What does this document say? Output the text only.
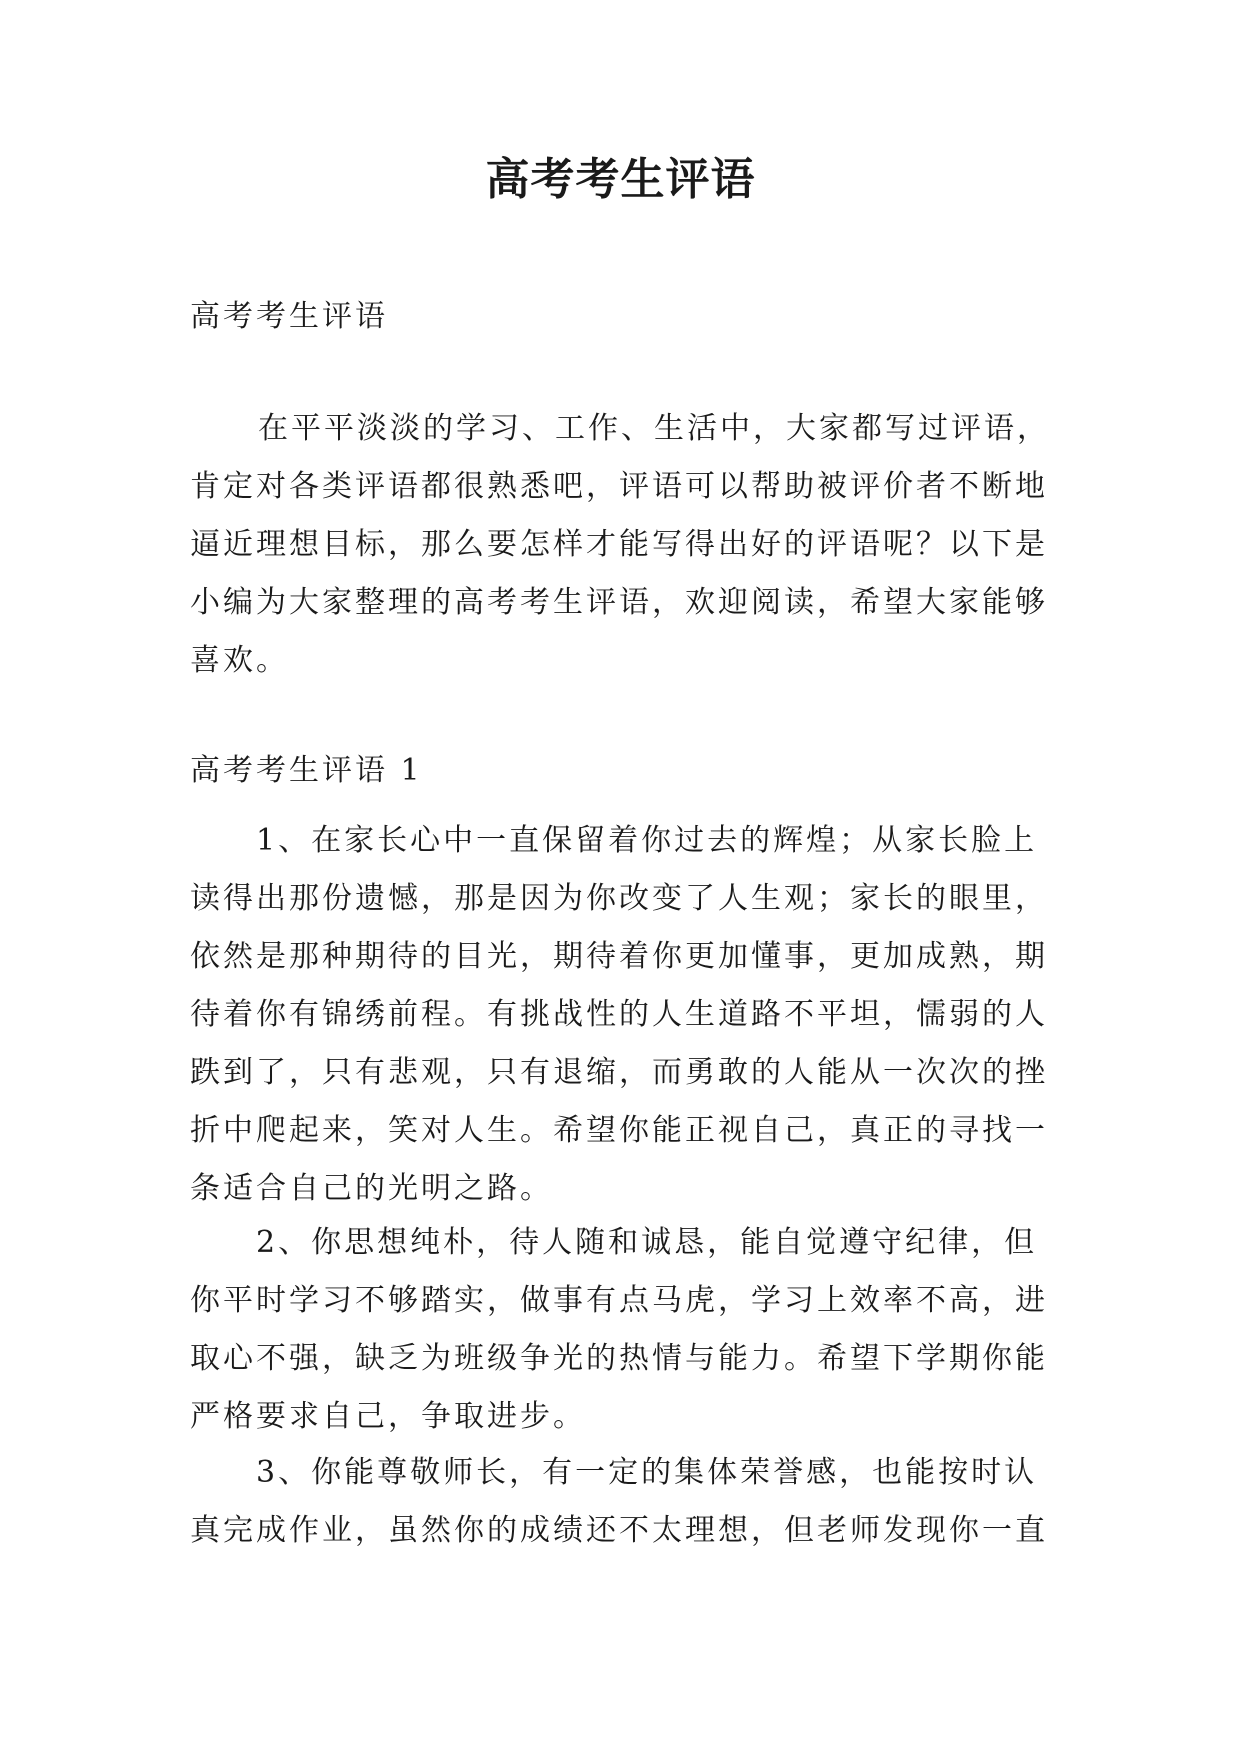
高考考生评语

高考考生评语

在平平淡淡的学习、工作、生活中，大家都写过评语，肯定对各类评语都很熟悉吧，评语可以帮助被评价者不断地逼近理想目标，那么要怎样才能写得出好的评语呢？以下是小编为大家整理的高考考生评语，欢迎阅读，希望大家能够喜欢。

高考考生评语 1

1、在家长心中一直保留着你过去的辉煌；从家长脸上读得出那份遗憾，那是因为你改变了人生观；家长的眼里，依然是那种期待的目光，期待着你更加懂事，更加成熟，期待着你有锦绣前程。有挑战性的人生道路不平坦，懦弱的人跌到了，只有悲观，只有退缩，而勇敢的人能从一次次的挫折中爬起来，笑对人生。希望你能正视自己，真正的寻找一条适合自己的光明之路。

2、你思想纯朴，待人随和诚恳，能自觉遵守纪律，但你平时学习不够踏实，做事有点马虎，学习上效率不高，进取心不强，缺乏为班级争光的热情与能力。希望下学期你能严格要求自己，争取进步。

3、你能尊敬师长，有一定的集体荣誉感，也能按时认真完成作业，虽然你的成绩还不太理想，但老师发现你一直
